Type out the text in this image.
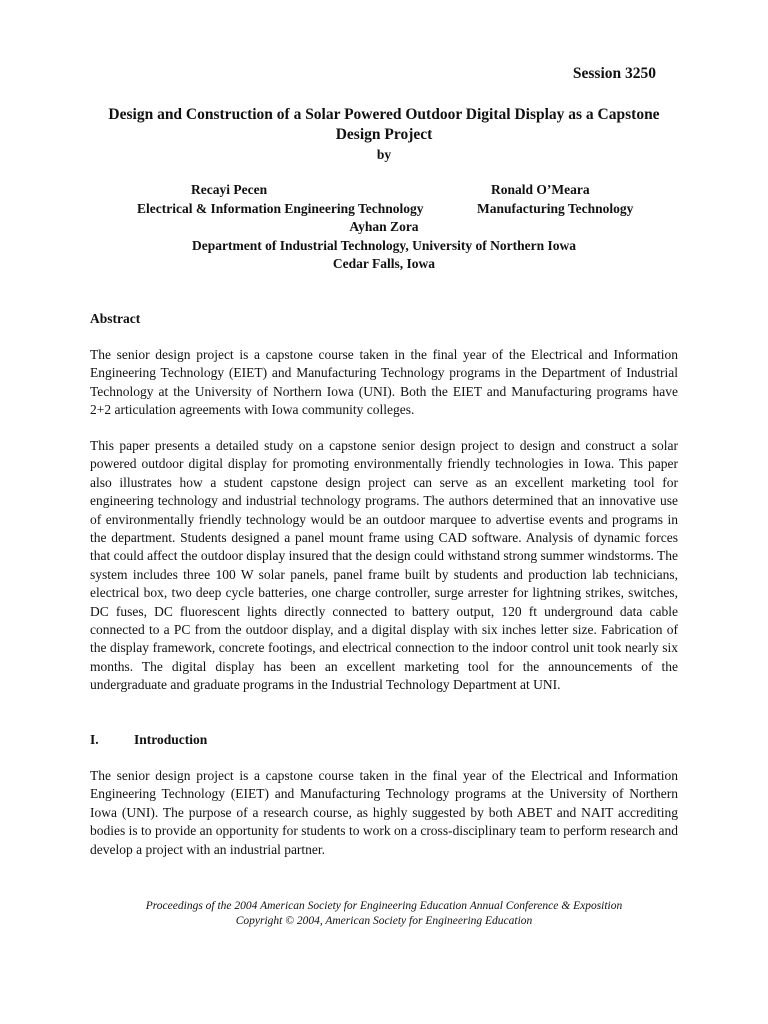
Session 3250
Design and Construction of a Solar Powered Outdoor Digital Display as a Capstone Design Project
by
Recayi Pecen	Ronald O’Meara
Electrical & Information Engineering Technology	Manufacturing Technology
Ayhan Zora
Department of Industrial Technology, University of Northern Iowa
Cedar Falls, Iowa
Abstract

The senior design project is a capstone course taken in the final year of the Electrical and Information Engineering Technology (EIET) and Manufacturing Technology programs in the Department of Industrial Technology at the University of Northern Iowa (UNI). Both the EIET and Manufacturing programs have 2+2 articulation agreements with Iowa community colleges.

This paper presents a detailed study on a capstone senior design project to design and construct a solar powered outdoor digital display for promoting environmentally friendly technologies in Iowa. This paper also illustrates how a student capstone design project can serve as an excellent marketing tool for engineering technology and industrial technology programs. The authors determined that an innovative use of environmentally friendly technology would be an outdoor marquee to advertise events and programs in the department. Students designed a panel mount frame using CAD software. Analysis of dynamic forces that could affect the outdoor display insured that the design could withstand strong summer windstorms. The system includes three 100 W solar panels, panel frame built by students and production lab technicians, electrical box, two deep cycle batteries, one charge controller, surge arrester for lightning strikes, switches, DC fuses, DC fluorescent lights directly connected to battery output, 120 ft underground data cable connected to a PC from the outdoor display, and a digital display with six inches letter size. Fabrication of the display framework, concrete footings, and electrical connection to the indoor control unit took nearly six months. The digital display has been an excellent marketing tool for the announcements of the undergraduate and graduate programs in the Industrial Technology Department at UNI.

I.	Introduction

The senior design project is a capstone course taken in the final year of the Electrical and Information Engineering Technology (EIET) and Manufacturing Technology programs at the University of Northern Iowa (UNI). The purpose of a research course, as highly suggested by both ABET and NAIT accrediting bodies is to provide an opportunity for students to work on a cross-disciplinary team to perform research and develop a project with an industrial partner.

Proceedings of the 2004 American Society for Engineering Education Annual Conference & Exposition
Copyright © 2004, American Society for Engineering Education
